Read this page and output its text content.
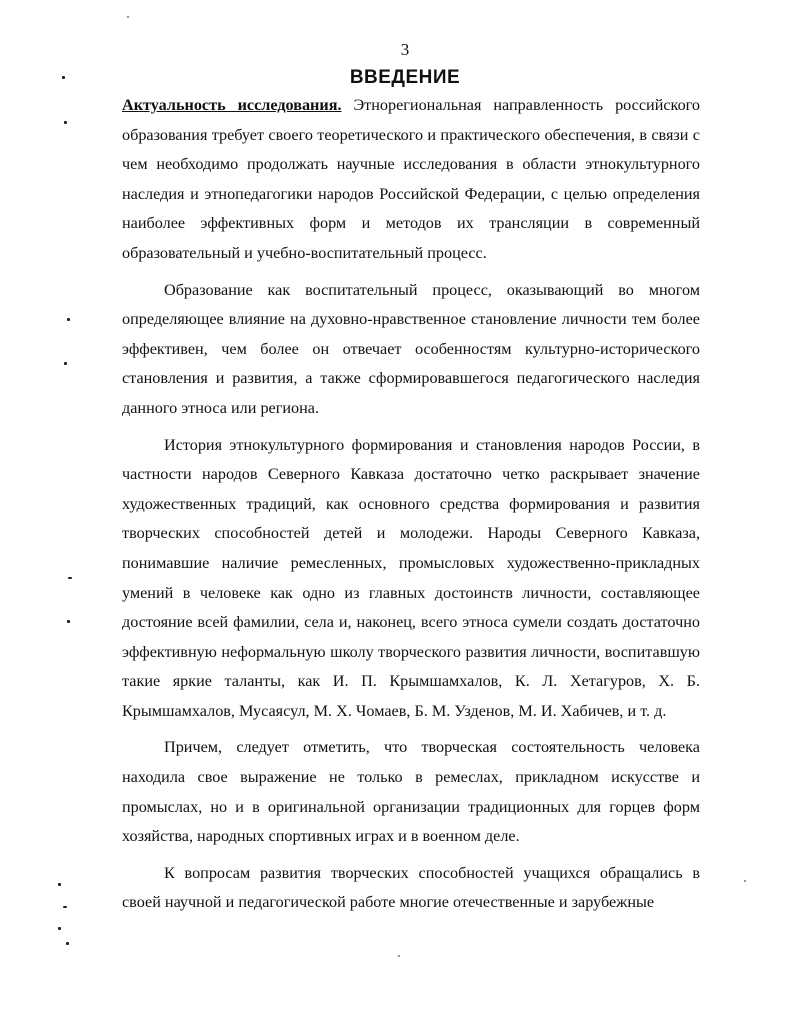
3
ВВЕДЕНИЕ

Актуальность исследования. Этнорегиональная направленность российского образования требует своего теоретического и практического обеспечения, в связи с чем необходимо продолжать научные исследования в области этнокультурного наследия и этнопедагогики народов Российской Федерации, с целью определения наиболее эффективных форм и методов их трансляции в современный образовательный и учебно-воспитательный процесс.

Образование как воспитательный процесс, оказывающий во многом определяющее влияние на духовно-нравственное становление личности тем более эффективен, чем более он отвечает особенностям культурно-исторического становления и развития, а также сформировавшегося педагогического наследия данного этноса или региона.

История этнокультурного формирования и становления народов России, в частности народов Северного Кавказа достаточно четко раскрывает значение художественных традиций, как основного средства формирования и развития творческих способностей детей и молодежи. Народы Северного Кавказа, понимавшие наличие ремесленных, промысловых художественно-прикладных умений в человеке как одно из главных достоинств личности, составляющее достояние всей фамилии, села и, наконец, всего этноса сумели создать достаточно эффективную неформальную школу творческого развития личности, воспитавшую такие яркие таланты, как И. П. Крымшамхалов, К. Л. Хетагуров, Х. Б. Крымшамхалов, Мусаясул, М. Х. Чомаев, Б. М. Узденов, М. И. Хабичев, и т. д.

Причем, следует отметить, что творческая состоятельность человека находила свое выражение не только в ремеслах, прикладном искусстве и промыслах, но и в оригинальной организации традиционных для горцев форм хозяйства, народных спортивных играх и в военном деле.

К вопросам развития творческих способностей учащихся обращались в своей научной и педагогической работе многие отечественные и зарубежные
